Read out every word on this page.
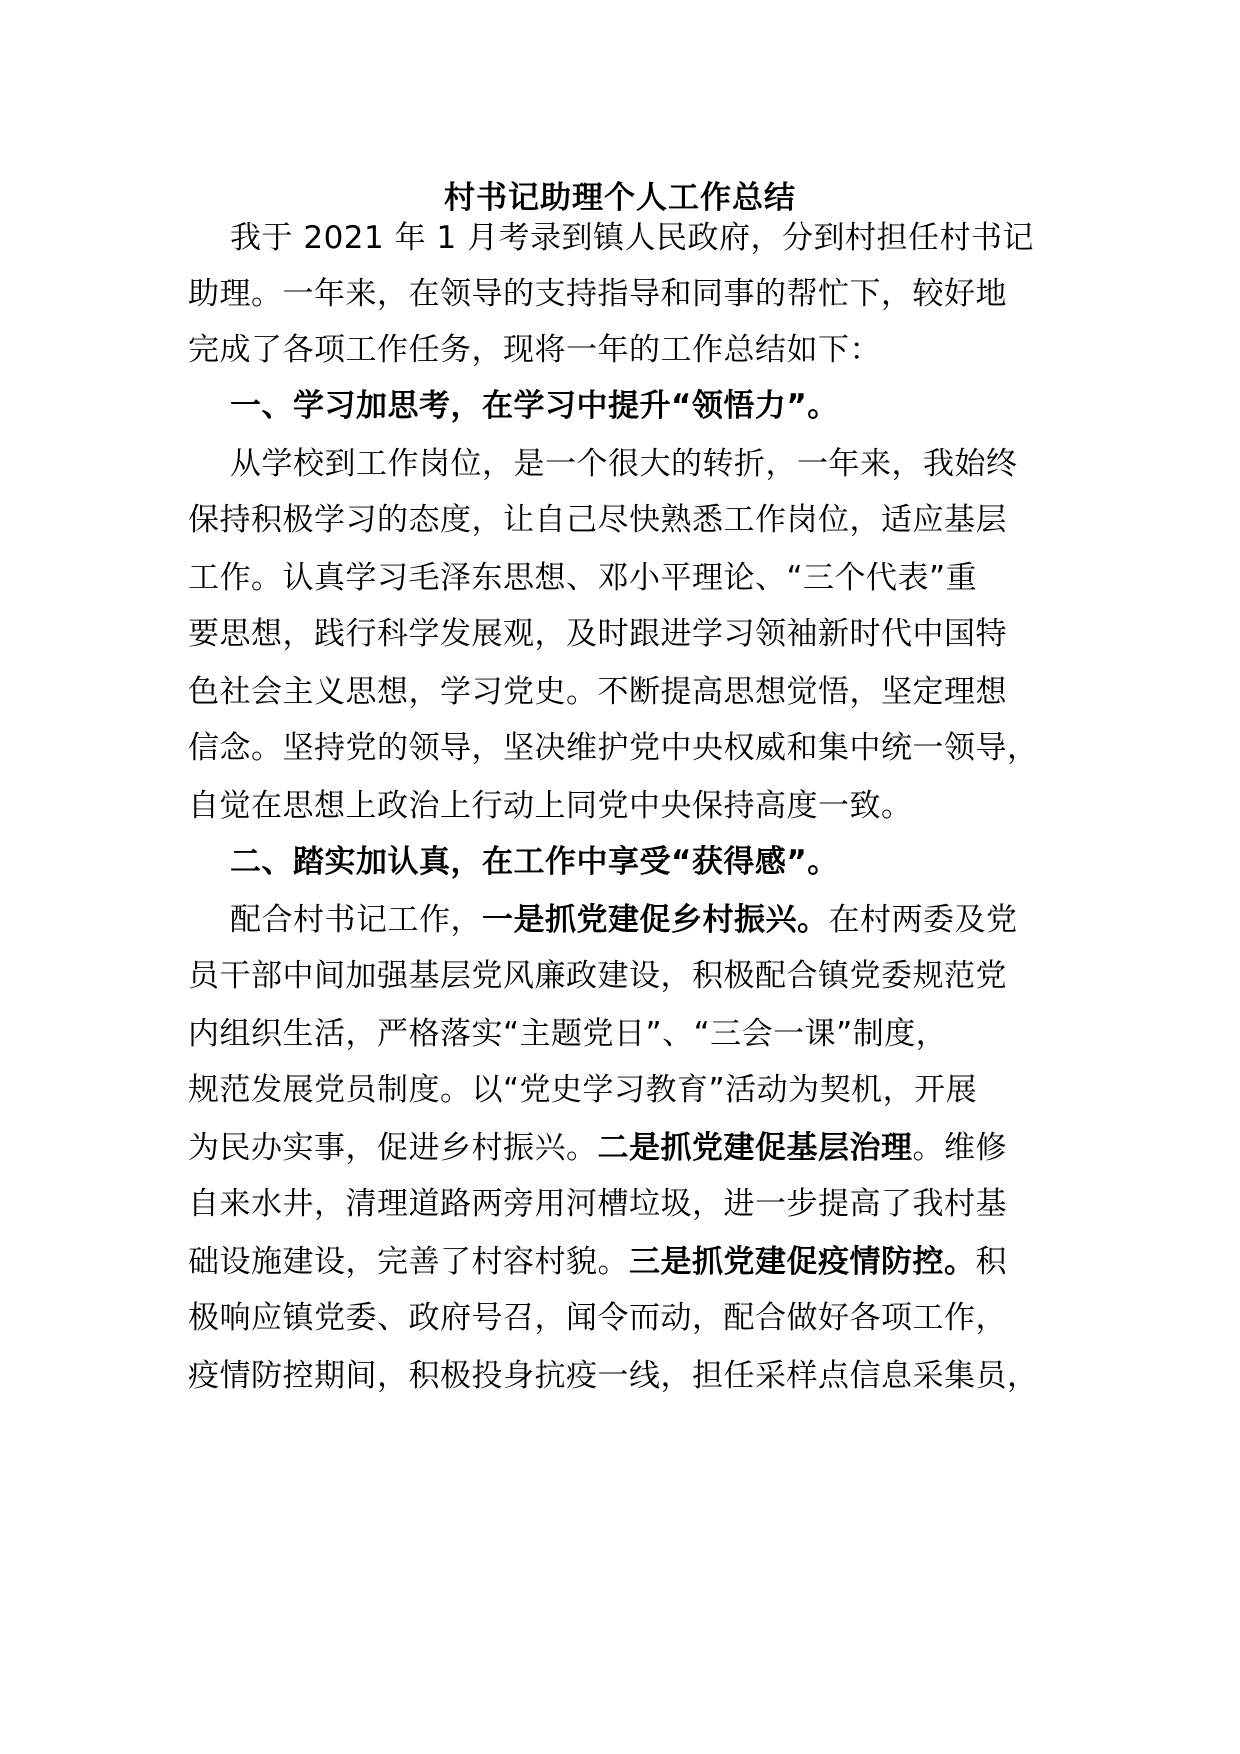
村书记助理个人工作总结
我于 2021 年 1 月考录到镇人民政府，分到村担任村书记
助理。一年来，在领导的支持指导和同事的帮忙下，较好地
完成了各项工作任务，现将一年的工作总结如下：
一、学习加思考，在学习中提升“领悟力”。
从学校到工作岗位，是一个很大的转折，一年来，我始终
保持积极学习的态度，让自己尽快熟悉工作岗位，适应基层
工作。认真学习毛泽东思想、邓小平理论、“三个代表”重
要思想，践行科学发展观，及时跟进学习领袖新时代中国特
色社会主义思想，学习党史。不断提高思想觉悟，坚定理想
信念。坚持党的领导，坚决维护党中央权威和集中统一领导，
自觉在思想上政治上行动上同党中央保持高度一致。
二、踏实加认真，在工作中享受“获得感”。
配合村书记工作，一是抓党建促乡村振兴。在村两委及党
员干部中间加强基层党风廉政建设，积极配合镇党委规范党
内组织生活，严格落实“主题党日”、“三会一课”制度，
规范发展党员制度。以“党史学习教育”活动为契机，开展
为民办实事，促进乡村振兴。二是抓党建促基层治理。维修
自来水井，清理道路两旁用河槽垃圾，进一步提高了我村基
础设施建设，完善了村容村貌。三是抓党建促疫情防控。积
极响应镇党委、政府号召，闻令而动，配合做好各项工作，
疫情防控期间，积极投身抗疫一线，担任采样点信息采集员，
